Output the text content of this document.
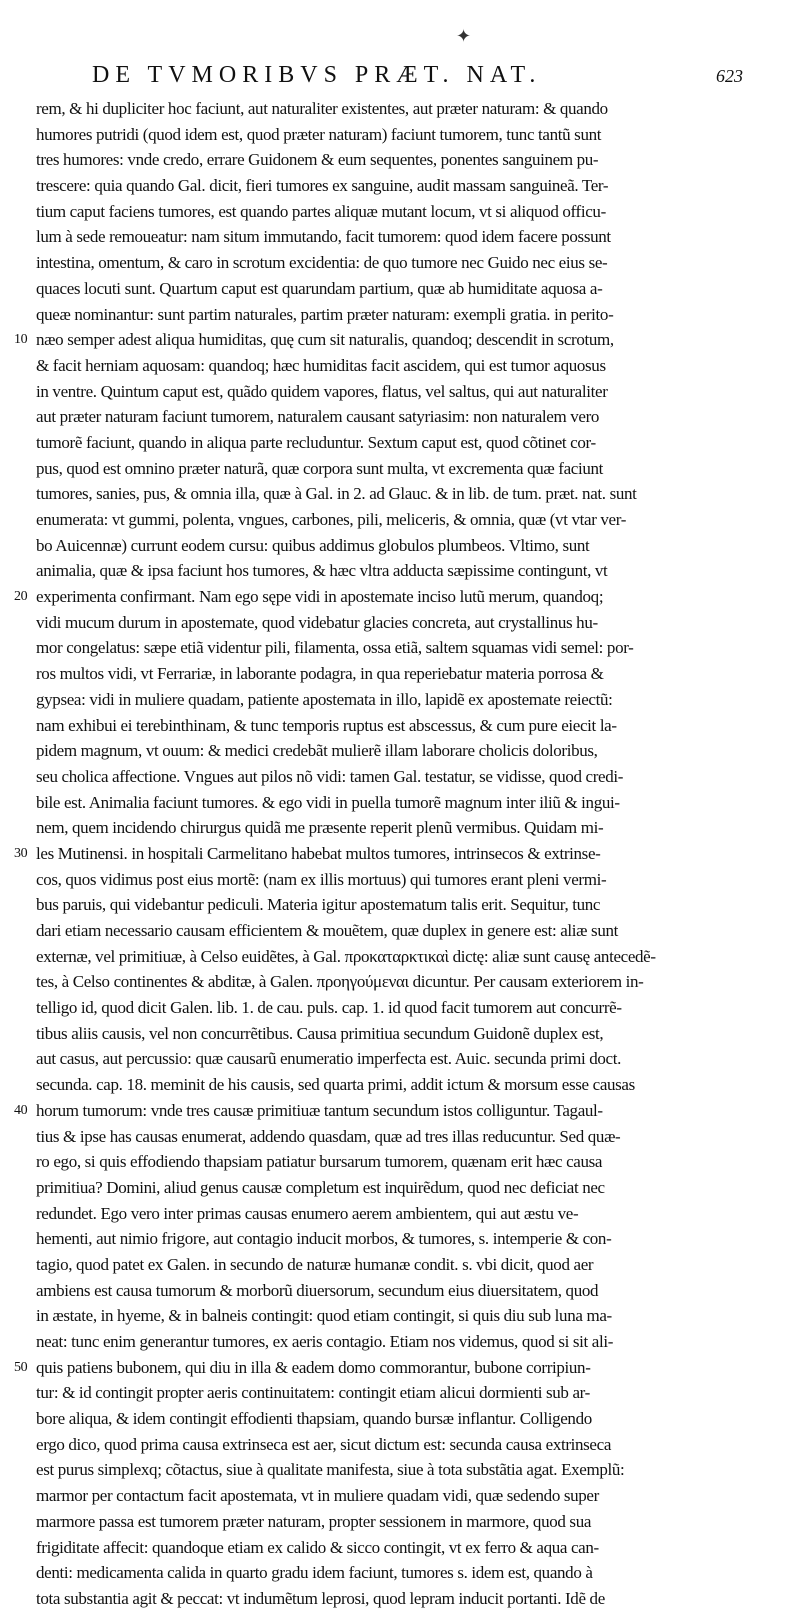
✦
DE TVMORIBVS PRÆT. NAT.	623
rem, & hi dupliciter hoc faciunt, aut naturaliter existentes, aut præter naturam: & quando
humores putridi (quod idem est, quod præter naturam) faciunt tumorem, tunc tantũ sunt
tres humores: vnde credo, errare Guidonem & eum sequentes, ponentes sanguinem pu-
trescere: quia quando Gal. dicit, fieri tumores ex sanguine, audit massam sanguineã. Ter-
tium caput faciens tumores, est quando partes aliquæ mutant locum, vt si aliquod officu-
lum à sede remoueatur: nam situm immutando, facit tumorem: quod idem facere possunt
intestina, omentum, & caro in scrotum excidentia: de quo tumore nec Guido nec eius se-
quaces locuti sunt. Quartum caput est quarundam partium, quæ ab humiditate aquosa a-
queæ nominantur: sunt partim naturales, partim præter naturam: exempli gratia. in perito-
10 næo semper adest aliqua humiditas, quę cum sit naturalis, quandoq; descendit in scrotum,
& facit herniam aquosam: quandoq; hæc humiditas facit ascidem, qui est tumor aquosus
in ventre. Quintum caput est, quãdo quidem vapores, flatus, vel saltus, qui aut naturaliter
aut præter naturam faciunt tumorem, naturalem causant satyriasim: non naturalem vero
tumorẽ faciunt, quando in aliqua parte recluduntur. Sextum caput est, quod cõtinet cor-
pus, quod est omnino præter naturã, quæ corpora sunt multa, vt excrementa quæ faciunt
tumores, sanies, pus, & omnia illa, quæ à Gal. in 2. ad Glauc. & in lib. de tum. præt. nat. sunt
enumerata: vt gummi, polenta, vngues, carbones, pili, meliceris, & omnia, quæ (vt vtar ver-
bo Auicennæ) currunt eodem cursu: quibus addimus globulos plumbeos. Vltimo, sunt
animalia, quæ & ipsa faciunt hos tumores, & hæc vltra adducta sæpissime contingunt, vt
20 experimenta confirmant. Nam ego sępe vidi in apostemate inciso lutũ merum, quandoq;
vidi mucum durum in apostemate, quod videbatur glacies concreta, aut crystallinus hu-
mor congelatus: sæpe etiã videntur pili, filamenta, ossa etiã, saltem squamas vidi semel: por-
ros multos vidi, vt Ferrariæ, in laborante podagra, in qua reperiebatur materia porrosa &
gypsea: vidi in muliere quadam, patiente apostemata in illo, lapidẽ ex apostemate reiectũ:
nam exhibui ei terebinthinam, & tunc temporis ruptus est abscessus, & cum pure eiecit la-
pidem magnum, vt ouum: & medici credebãt mulierẽ illam laborare cholicis doloribus,
seu cholica affectione. Vngues aut pilos nõ vidi: tamen Gal. testatur, se vidisse, quod credi-
bile est. Animalia faciunt tumores. & ego vidi in puella tumorẽ magnum inter iliũ & ingui-
nem, quem incidendo chirurgus quidã me præsente reperit plenũ vermibus. Quidam mi-
30 les Mutinensi. in hospitali Carmelitano habebat multos tumores, intrinsecos & extrinse-
cos, quos vidimus post eius mortẽ: (nam ex illis mortuus) qui tumores erant pleni vermi-
bus paruis, qui videbantur pediculi. Materia igitur apostematum talis erit. Sequitur, tunc
dari etiam necessario causam efficientem & mouẽtem, quæ duplex in genere est: aliæ sunt
externæ, vel primitiuæ, à Celso euidẽtes, à Gal. προκαταρκτικαὶ dictę: aliæ sunt causę antecedẽ-
tes, à Celso continentes & abditæ, à Galen. προηγούμεναι dicuntur. Per causam exteriorem in-
telligo id, quod dicit Galen. lib. 1. de cau. puls. cap. 1. id quod facit tumorem aut concurrẽ-
tibus aliis causis, vel non concurrẽtibus. Causa primitiua secundum Guidonẽ duplex est,
aut casus, aut percussio: quæ causarũ enumeratio imperfecta est. Auic. secunda primi doct.
secunda. cap. 18. meminit de his causis, sed quarta primi, addit ictum & morsum esse causas
40 horum tumorum: vnde tres causæ primitiuæ tantum secundum istos colliguntur. Tagaul-
tius & ipse has causas enumerat, addendo quasdam, quæ ad tres illas reducuntur. Sed quæ-
ro ego, si quis effodiendo thapsiam patiatur bursarum tumorem, quænam erit hæc causa
primitiua? Domini, aliud genus causæ completum est inquirẽdum, quod nec deficiat nec
redundet. Ego vero inter primas causas enumero aerem ambientem, qui aut æstu ve-
hementi, aut nimio frigore, aut contagio inducit morbos, & tumores, s. intemperie & con-
tagio, quod patet ex Galen. in secundo de naturæ humanæ condit. s. vbi dicit, quod aer
ambiens est causa tumorum & morborũ diuersorum, secundum eius diuersitatem, quod
in æstate, in hyeme, & in balneis contingit: quod etiam contingit, si quis diu sub luna ma-
neat: tunc enim generantur tumores, ex aeris contagio. Etiam nos videmus, quod si sit ali-
50 quis patiens bubonem, qui diu in illa & eadem domo commorantur, bubone corripiun-
tur: & id contingit propter aeris continuitatem: contingit etiam alicui dormienti sub ar-
bore aliqua, & idem contingit effodienti thapsiam, quando bursæ inflantur. Colligendo
ergo dico, quod prima causa extrinseca est aer, sicut dictum est: secunda causa extrinseca
est purus simplexq; cõtactus, siue à qualitate manifesta, siue à tota substãtia agat. Exemplũ:
marmor per contactum facit apostemata, vt in muliere quadam vidi, quæ sedendo super
marmore passa est tumorem præter naturam, propter sessionem in marmore, quod sua
frigiditate affecit: quandoque etiam ex calido & sicco contingit, vt ex ferro & aqua can-
denti: medicamenta calida in quarto gradu idem faciunt, tumores s. idem est, quando à
tota substantia agit & peccat: vt indumẽtum leprosi, quod lepram inducit portanti. Idẽ de
